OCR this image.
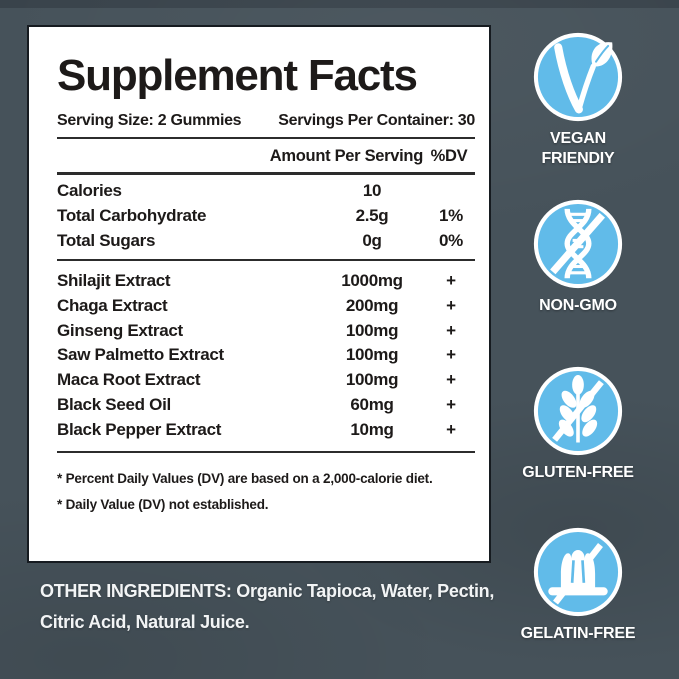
Supplement Facts
Serving Size: 2 Gummies Servings Per Container: 30
Amount Per Serving %DV
Calories	10
Total Carbohydrate	2.5g	1%
Total Sugars	0g	0%
Shilajit Extract	1000mg	+
Chaga Extract	200mg	+
Ginseng Extract	100mg	+
Saw Palmetto Extract	100mg	+
Maca Root Extract	100mg	+
Black Seed Oil	60mg	+
Black Pepper Extract	10mg	+
* Percent Daily Values (DV) are based on a 2,000-calorie diet.
* Daily Value (DV) not established.
OTHER INGREDIENTS: Organic Tapioca, Water, Pectin,
Citric Acid, Natural Juice.
VEGAN
FRIENDIY
NON-GMO
GLUTEN-FREE
GELATIN-FREE
